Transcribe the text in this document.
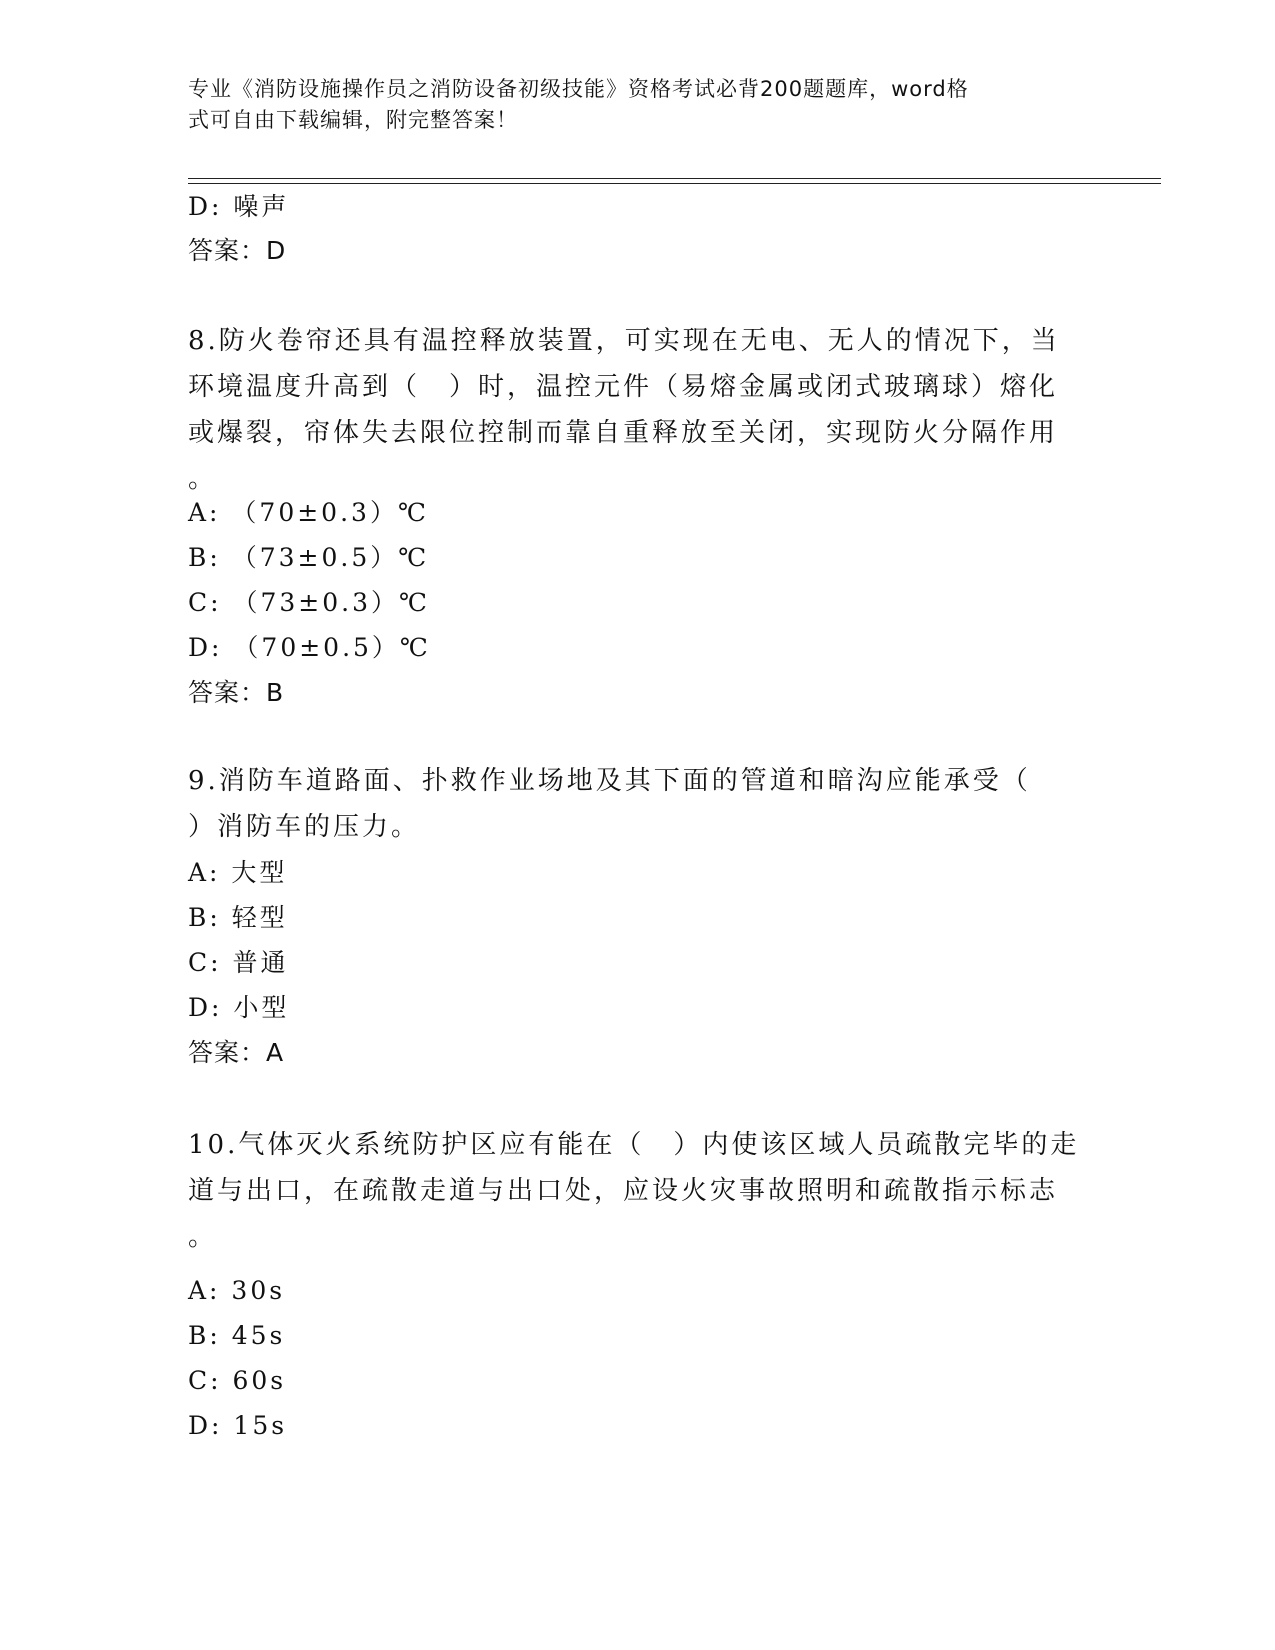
专业《消防设施操作员之消防设备初级技能》资格考试必背200题题库，word格
式可自由下载编辑，附完整答案！
D: 噪声
答案：D
8.防火卷帘还具有温控释放装置，可实现在无电、无人的情况下，当
环境温度升高到（　）时，温控元件（易熔金属或闭式玻璃球）熔化
或爆裂，帘体失去限位控制而靠自重释放至关闭，实现防火分隔作用
。
A: （70±0.3）℃
B: （73±0.5）℃
C: （73±0.3）℃
D: （70±0.5）℃
答案：B
9.消防车道路面、扑救作业场地及其下面的管道和暗沟应能承受（
）消防车的压力。
A: 大型
B: 轻型
C: 普通
D: 小型
答案：A
10.气体灭火系统防护区应有能在（　）内使该区域人员疏散完毕的走
道与出口，在疏散走道与出口处，应设火灾事故照明和疏散指示标志
。
A: 30s
B: 45s
C: 60s
D: 15s
